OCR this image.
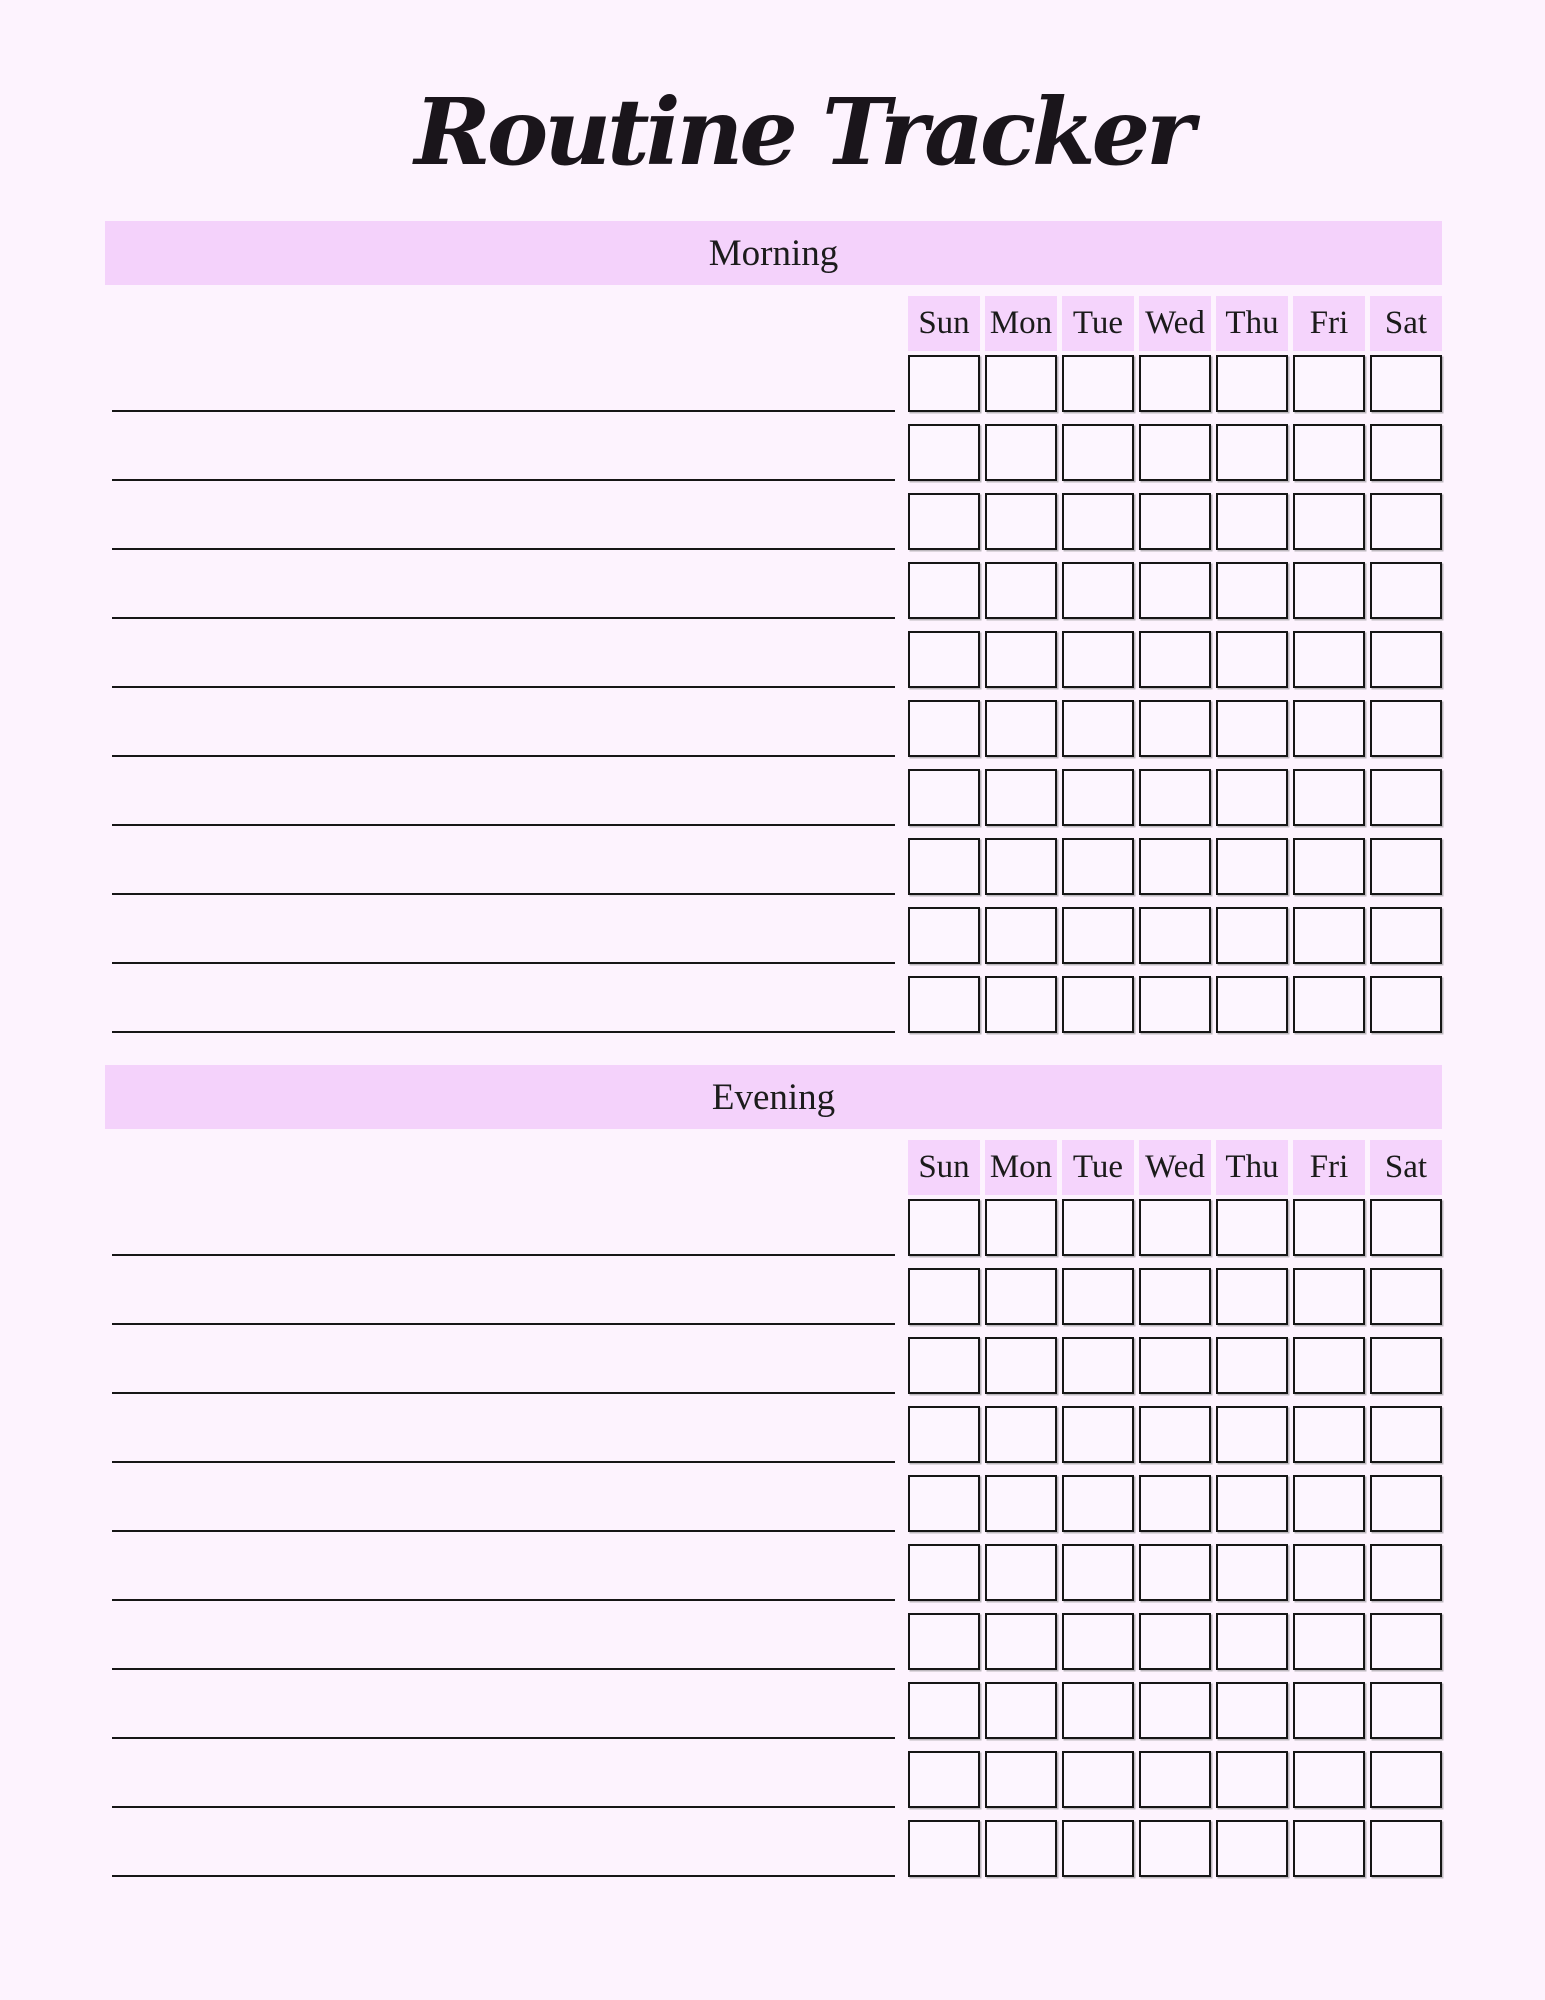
Routine Tracker
Morning
Sun Mon Tue Wed Thu Fri	Sat
Evening
Sun Mon Tue Wed Thu Fri	Sat
